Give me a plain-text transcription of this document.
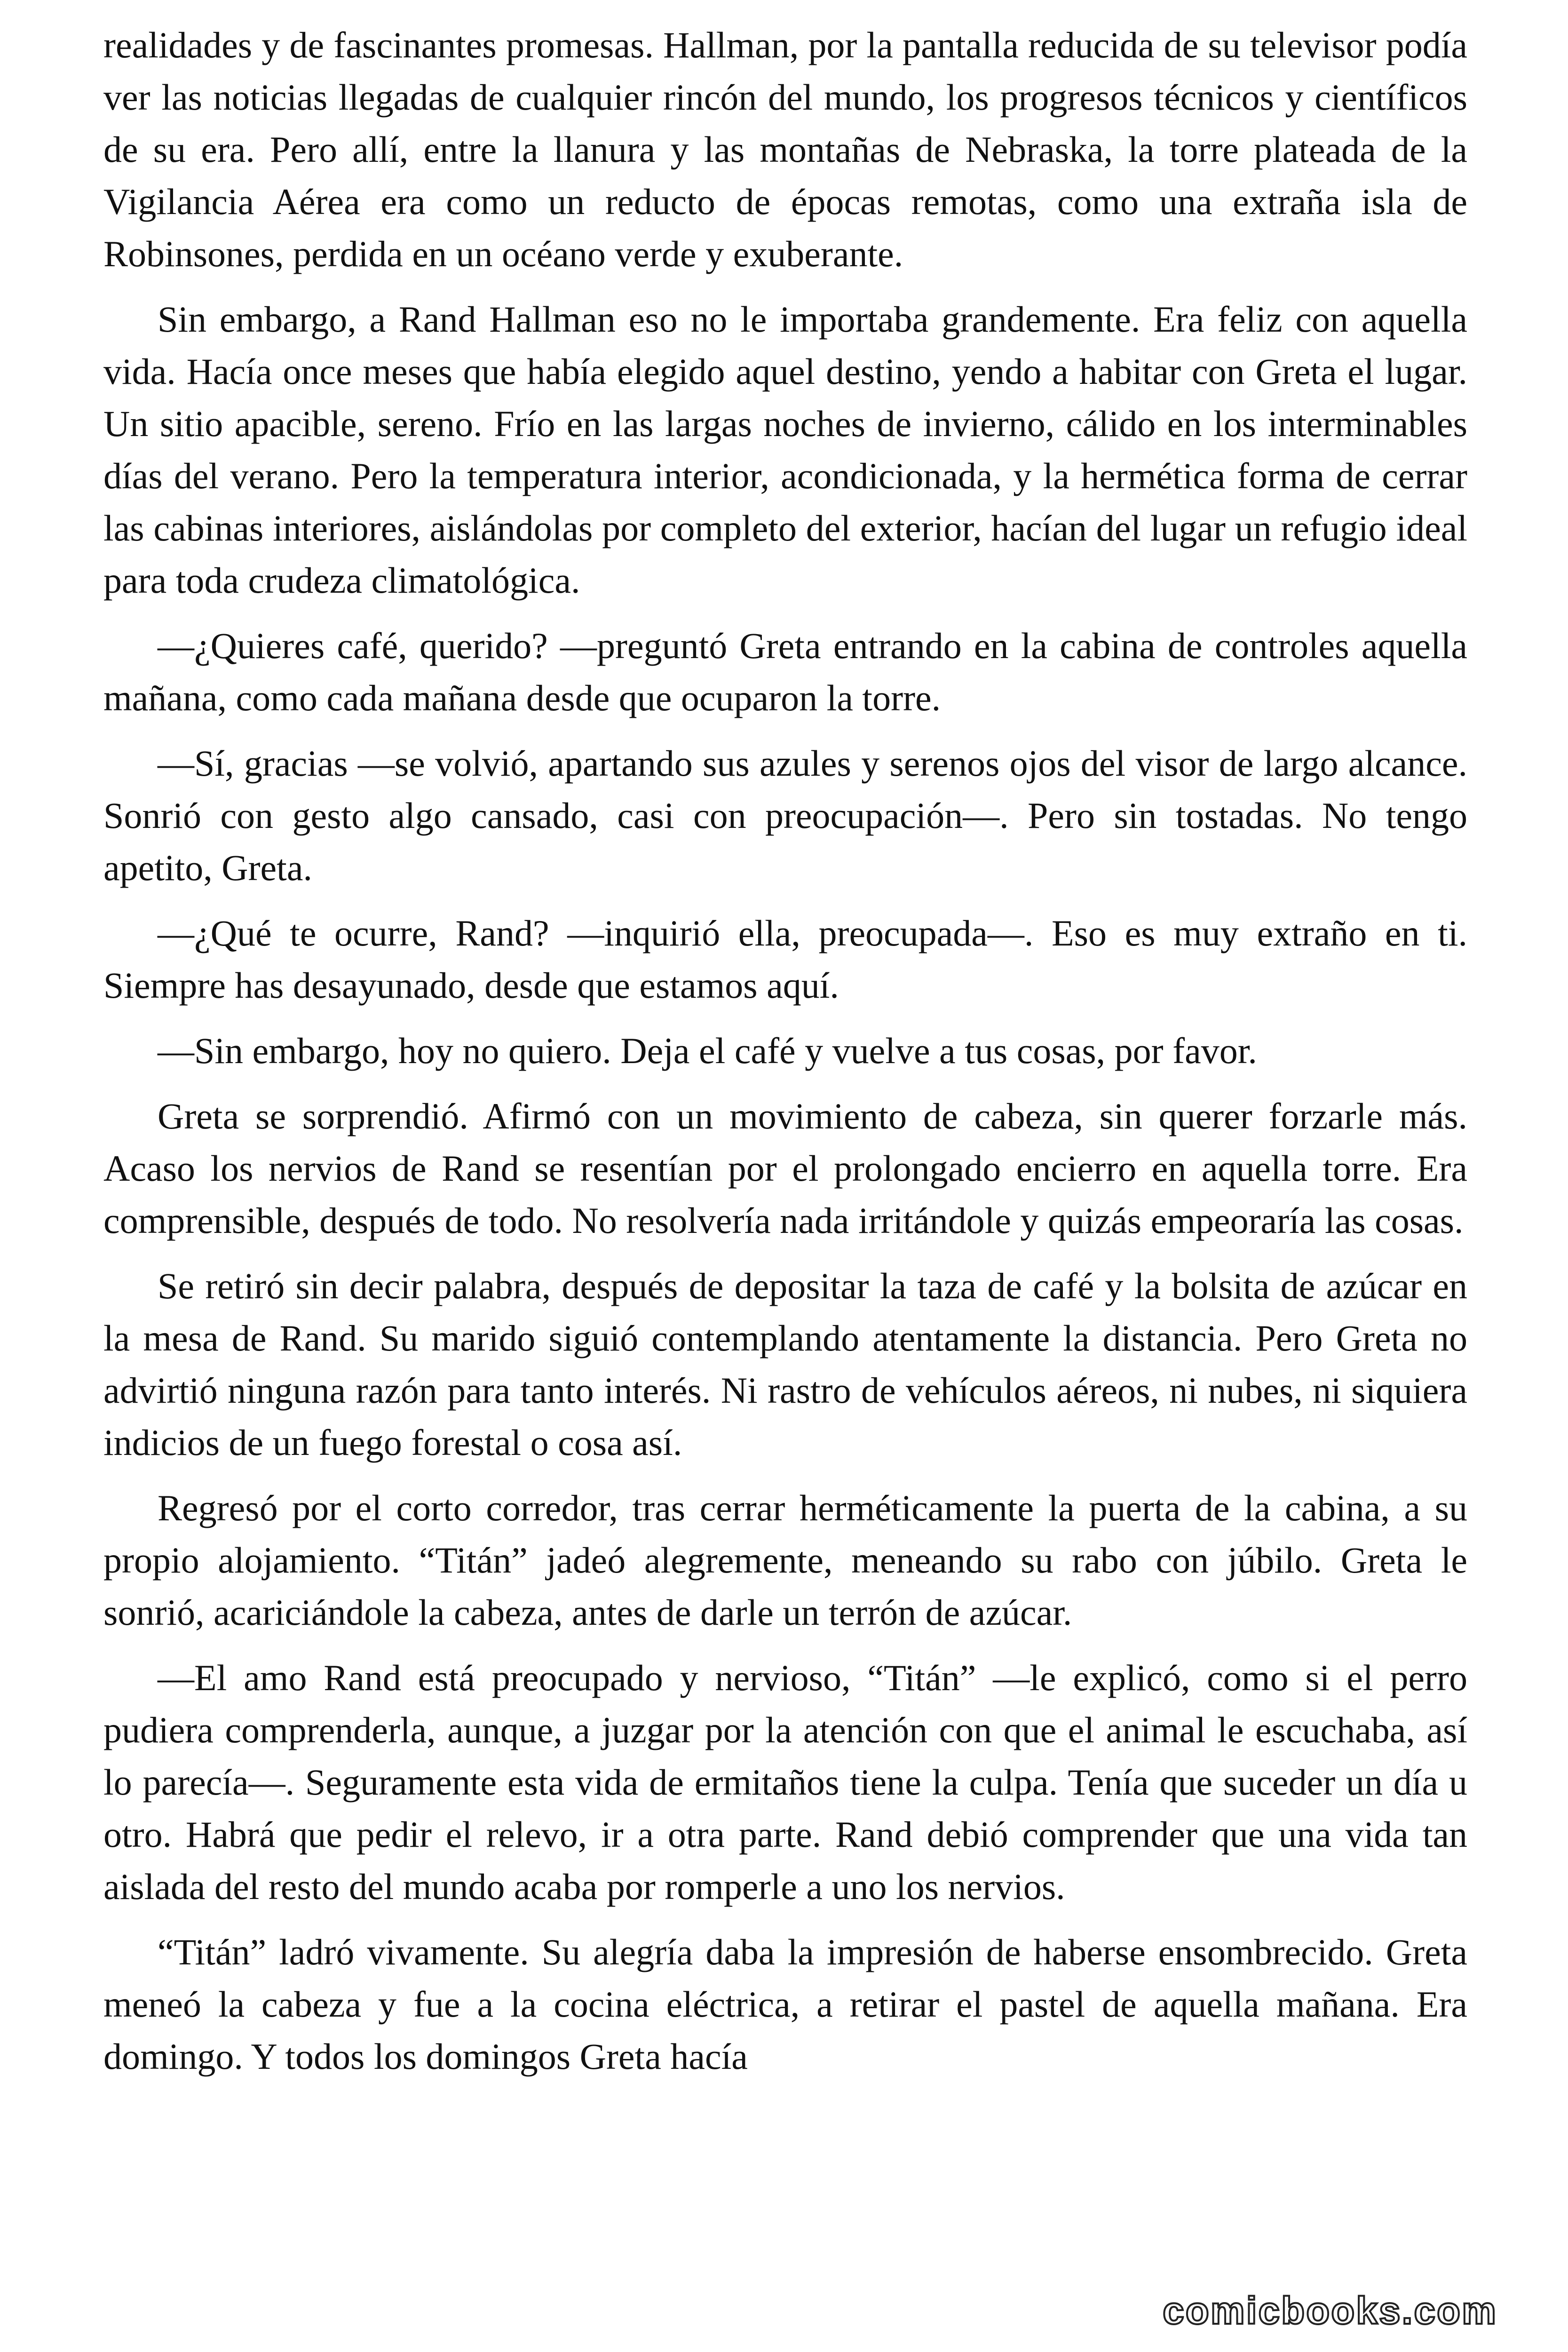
realidades y de fascinantes promesas. Hallman, por la pantalla reducida de su televisor podía ver las noticias llegadas de cualquier rincón del mundo, los progresos técnicos y científicos de su era. Pero allí, entre la llanura y las montañas de Nebraska, la torre plateada de la Vigilancia Aérea era como un reducto de épocas remotas, como una extraña isla de Robinsones, perdida en un océano verde y exuberante.

Sin embargo, a Rand Hallman eso no le importaba grandemente. Era feliz con aquella vida. Hacía once meses que había elegido aquel destino, yendo a habitar con Greta el lugar. Un sitio apacible, sereno. Frío en las largas noches de invierno, cálido en los interminables días del verano. Pero la temperatura interior, acondicionada, y la hermética forma de cerrar las cabinas interiores, aislándolas por completo del exterior, hacían del lugar un refugio ideal para toda crudeza climatológica.

—¿Quieres café, querido? —preguntó Greta entrando en la cabina de controles aquella mañana, como cada mañana desde que ocuparon la torre.

—Sí, gracias —se volvió, apartando sus azules y serenos ojos del visor de largo alcance. Sonrió con gesto algo cansado, casi con preocupación—. Pero sin tostadas. No tengo apetito, Greta.

—¿Qué te ocurre, Rand? —inquirió ella, preocupada—. Eso es muy extraño en ti. Siempre has desayunado, desde que estamos aquí.

—Sin embargo, hoy no quiero. Deja el café y vuelve a tus cosas, por favor.

Greta se sorprendió. Afirmó con un movimiento de cabeza, sin querer forzarle más. Acaso los nervios de Rand se resentían por el prolongado encierro en aquella torre. Era comprensible, después de todo. No resolvería nada irritándole y quizás empeoraría las cosas.

Se retiró sin decir palabra, después de depositar la taza de café y la bolsita de azúcar en la mesa de Rand. Su marido siguió contemplando atentamente la distancia. Pero Greta no advirtió ninguna razón para tanto interés. Ni rastro de vehículos aéreos, ni nubes, ni siquiera indicios de un fuego forestal o cosa así.

Regresó por el corto corredor, tras cerrar herméticamente la puerta de la cabina, a su propio alojamiento. “Titán” jadeó alegremente, meneando su rabo con júbilo. Greta le sonrió, acariciándole la cabeza, antes de darle un terrón de azúcar.

—El amo Rand está preocupado y nervioso, “Titán” —le explicó, como si el perro pudiera comprenderla, aunque, a juzgar por la atención con que el animal le escuchaba, así lo parecía—. Seguramente esta vida de ermitaños tiene la culpa. Tenía que suceder un día u otro. Habrá que pedir el relevo, ir a otra parte. Rand debió comprender que una vida tan aislada del resto del mundo acaba por romperle a uno los nervios.

“Titán” ladró vivamente. Su alegría daba la impresión de haberse ensombrecido. Greta meneó la cabeza y fue a la cocina eléctrica, a retirar el pastel de aquella mañana. Era domingo. Y todos los domingos Greta hacía

comicbooks.com
